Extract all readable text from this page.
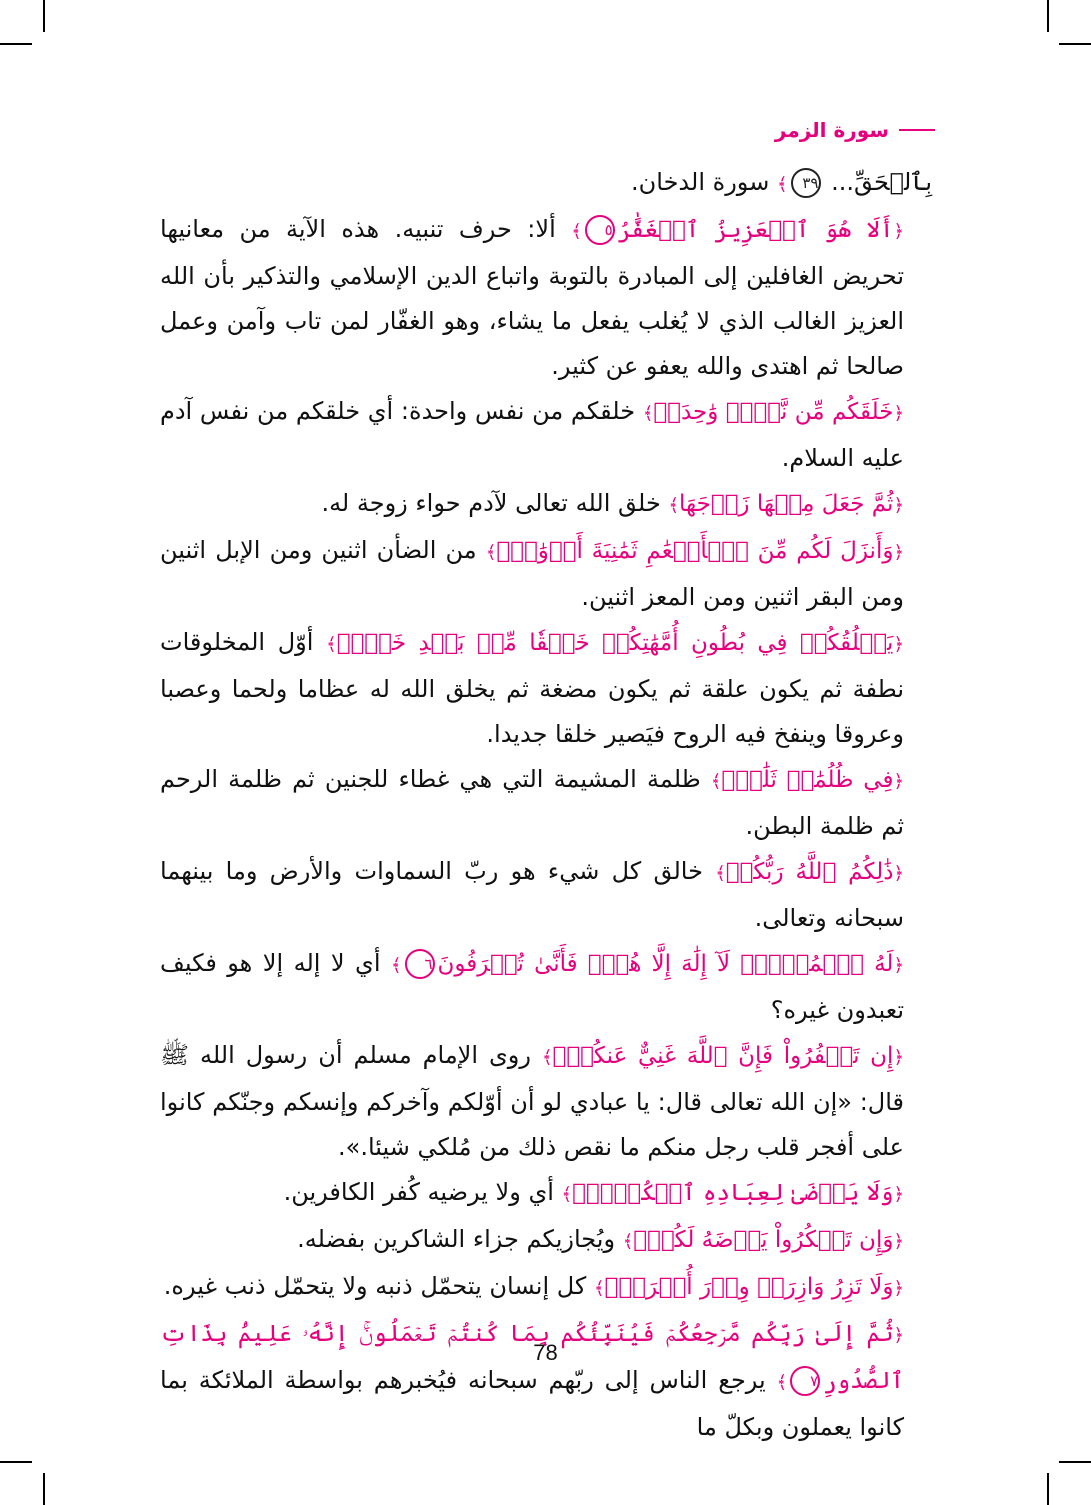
سورة الزمر

بِٱلۡحَقِّ... ٣٩﴾ سورة الدخان.

﴿أَلَا هُوَ ٱلۡعَزِيزُ ٱلۡغَفَّٰرُ٥﴾ ألا: حرف تنبيه. هذه الآية من معانيها تحريض الغافلين إلى المبادرة بالتوبة واتباع الدين الإسلامي والتذكير بأن الله العزيز الغالب الذي لا يُغلب يفعل ما يشاء، وهو الغفّار لمن تاب وآمن وعمل صالحا ثم اهتدى والله يعفو عن كثير.

﴿خَلَقَكُم مِّن نَّفۡسٖ وَٰحِدَةٖ﴾ خلقكم من نفس واحدة: أي خلقكم من نفس آدم عليه السلام.

﴿ثُمَّ جَعَلَ مِنۡهَا زَوۡجَهَا﴾ خلق الله تعالى لآدم حواء زوجة له.

﴿وَأَنزَلَ لَكُم مِّنَ ٱلۡأَنۡعَٰمِ ثَمَٰنِيَةَ أَزۡوَٰجٖۚ﴾ من الضأن اثنين ومن الإبل اثنين ومن البقر اثنين ومن المعز اثنين.

﴿يَخۡلُقُكُمۡ فِي بُطُونِ أُمَّهَٰتِكُمۡ خَلۡقٗا مِّنۢ بَعۡدِ خَلۡقٖ﴾ أوّل المخلوقات نطفة ثم يكون علقة ثم يكون مضغة ثم يخلق الله له عظاما ولحما وعصبا وعروقا وينفخ فيه الروح فيَصير خلقا جديدا.

﴿فِي ظُلُمَٰتٖ ثَلَٰثٖۚ﴾ ظلمة المشيمة التي هي غطاء للجنين ثم ظلمة الرحم ثم ظلمة البطن.

﴿ذَٰلِكُمُ ٱللَّهُ رَبُّكُمۡ﴾ خالق كل شيء هو ربّ السماوات والأرض وما بينهما سبحانه وتعالى.

﴿لَهُ ٱلۡمُلۡكُۖ لَآ إِلَٰهَ إِلَّا هُوَۖ فَأَنَّىٰ تُصۡرَفُونَ٦﴾ أي لا إله إلا هو فكيف تعبدون غيره؟

﴿إِن تَكۡفُرُواْ فَإِنَّ ٱللَّهَ غَنِيٌّ عَنكُمۡۖ﴾ روى الإمام مسلم أن رسول الله ﷺ قال: «إن الله تعالى قال: يا عبادي لو أن أوّلكم وآخركم وإنسكم وجنّكم كانوا على أفجر قلب رجل منكم ما نقص ذلك من مُلكي شيئا.».

﴿وَلَا يَرۡضَىٰ لِعِبَادِهِ ٱلۡكُفۡرَۖ﴾ أي ولا يرضيه كُفر الكافرين.

﴿وَإِن تَشۡكُرُواْ يَرۡضَهُ لَكُمۡۗ﴾ ويُجازيكم جزاء الشاكرين بفضله.

﴿وَلَا تَزِرُ وَازِرَةٞ وِزۡرَ أُخۡرَىٰۗ﴾ كل إنسان يتحمّل ذنبه ولا يتحمّل ذنب غيره.

﴿ثُمَّ إِلَىٰ رَبِّكُم مَّرۡجِعُكُمۡ فَيُنَبِّئُكُم بِمَا كُنتُمۡ تَعۡمَلُونَۚ إِنَّهُۥ عَلِيمُۢ بِذَاتِ ٱلصُّدُورِ٧﴾ يرجع الناس إلى ربّهم سبحانه فيُخبرهم بواسطة الملائكة بما كانوا يعملون وبكلّ ما

78
